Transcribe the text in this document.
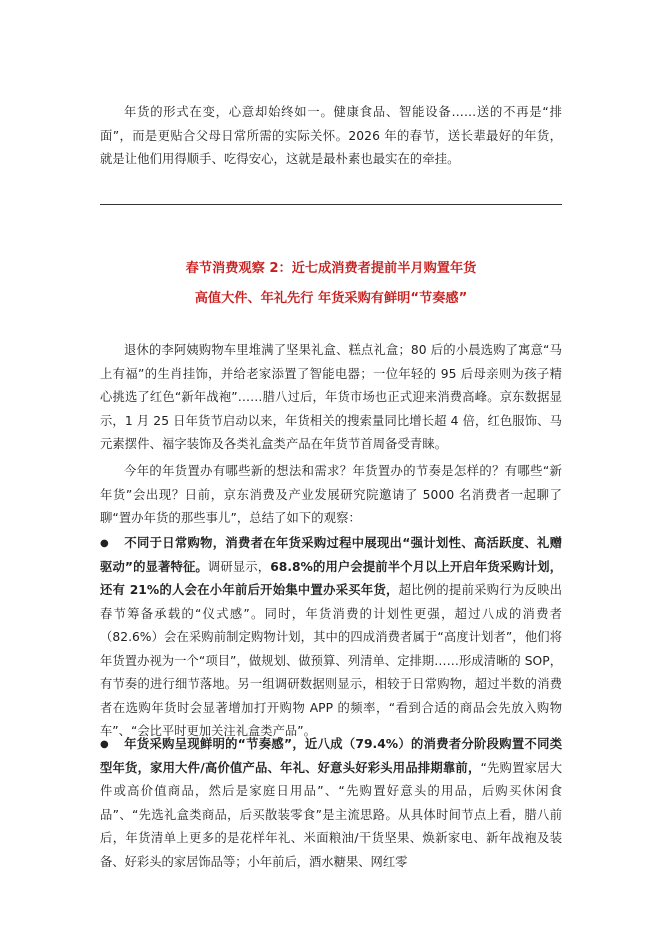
年货的形式在变，心意却始终如一。健康食品、智能设备……送的不再是“排面”，而是更贴合父母日常所需的实际关怀。2026 年的春节，送长辈最好的年货，就是让他们用得顺手、吃得安心，这就是最朴素也最实在的牵挂。

春节消费观察 2：近七成消费者提前半月购置年货

高值大件、年礼先行 年货采购有鲜明“节奏感”

退休的李阿姨购物车里堆满了坚果礼盒、糕点礼盒；80 后的小晨选购了寓意“马上有福”的生肖挂饰，并给老家添置了智能电器；一位年轻的 95 后母亲则为孩子精心挑选了红色“新年战袍”……腊八过后，年货市场也正式迎来消费高峰。京东数据显示，1 月 25 日年货节启动以来，年货相关的搜索量同比增长超 4 倍，红色服饰、马元素摆件、福字装饰及各类礼盒类产品在年货节首周备受青睐。

今年的年货置办有哪些新的想法和需求？年货置办的节奏是怎样的？有哪些“新年货”会出现？日前，京东消费及产业发展研究院邀请了 5000 名消费者一起聊了聊“置办年货的那些事儿”，总结了如下的观察：

● 不同于日常购物，消费者在年货采购过程中展现出“强计划性、高活跃度、礼赠驱动”的显著特征。调研显示，68.8%的用户会提前半个月以上开启年货采购计划，还有 21%的人会在小年前后开始集中置办采买年货，超比例的提前采购行为反映出春节筹备承载的“仪式感”。同时，年货消费的计划性更强，超过八成的消费者（82.6%）会在采购前制定购物计划，其中的四成消费者属于“高度计划者”，他们将年货置办视为一个“项目”，做规划、做预算、列清单、定排期……形成清晰的 SOP，有节奏的进行细节落地。另一组调研数据则显示，相较于日常购物，超过半数的消费者在选购年货时会显著增加打开购物 APP 的频率，“看到合适的商品会先放入购物车”、“会比平时更加关注礼盒类产品”。

● 年货采购呈现鲜明的“节奏感”，近八成（79.4%）的消费者分阶段购置不同类型年货，家用大件/高价值产品、年礼、好意头好彩头用品排期靠前，“先购置家居大件或高价值商品，然后是家庭日用品”、“先购置好意头的用品，后购买休闲食品”、“先选礼盒类商品，后买散装零食”是主流思路。从具体时间节点上看，腊八前后，年货清单上更多的是花样年礼、米面粮油/干货坚果、焕新家电、新年战袍及装备、好彩头的家居饰品等；小年前后，酒水糖果、网红零
